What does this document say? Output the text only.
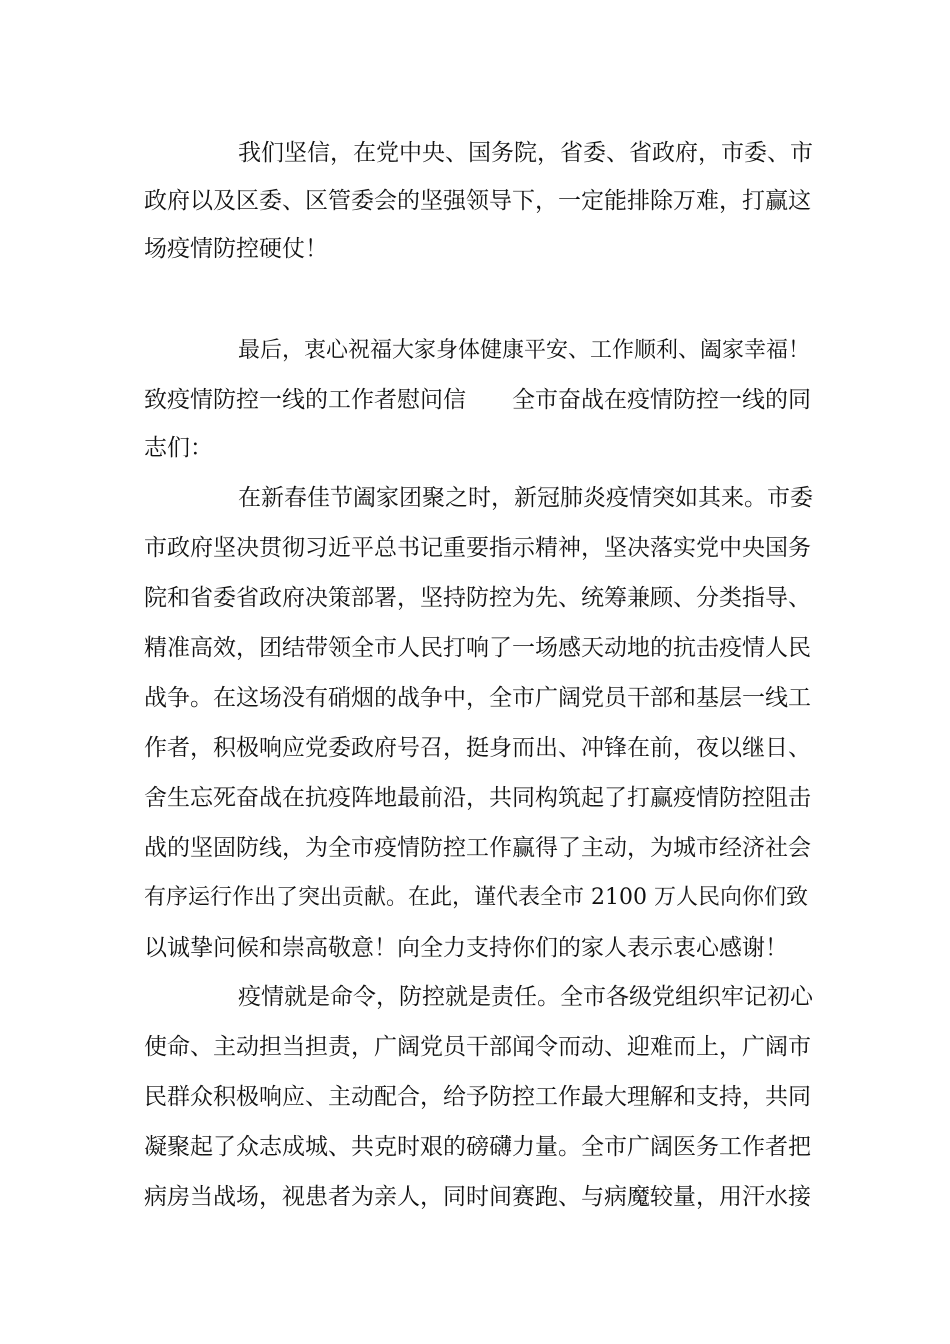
我们坚信，在党中央、国务院，省委、省政府，市委、市
政府以及区委、区管委会的坚强领导下，一定能排除万难，打赢这
场疫情防控硬仗！
最后，衷心祝福大家身体健康平安、工作顺利、阖家幸福！
致疫情防控一线的工作者慰问信　　全市奋战在疫情防控一线的同
志们：
在新春佳节阖家团聚之时，新冠肺炎疫情突如其来。市委
市政府坚决贯彻习近平总书记重要指示精神，坚决落实党中央国务
院和省委省政府决策部署，坚持防控为先、统筹兼顾、分类指导、
精准高效，团结带领全市人民打响了一场感天动地的抗击疫情人民
战争。在这场没有硝烟的战争中，全市广阔党员干部和基层一线工
作者，积极响应党委政府号召，挺身而出、冲锋在前，夜以继日、
舍生忘死奋战在抗疫阵地最前沿，共同构筑起了打赢疫情防控阻击
战的坚固防线，为全市疫情防控工作赢得了主动，为城市经济社会
有序运行作出了突出贡献。在此，谨代表全市 2100 万人民向你们致
以诚挚问候和崇高敬意！向全力支持你们的家人表示衷心感谢！
疫情就是命令，防控就是责任。全市各级党组织牢记初心
使命、主动担当担责，广阔党员干部闻令而动、迎难而上，广阔市
民群众积极响应、主动配合，给予防控工作最大理解和支持，共同
凝聚起了众志成城、共克时艰的磅礴力量。全市广阔医务工作者把
病房当战场，视患者为亲人，同时间赛跑、与病魔较量，用汗水接
